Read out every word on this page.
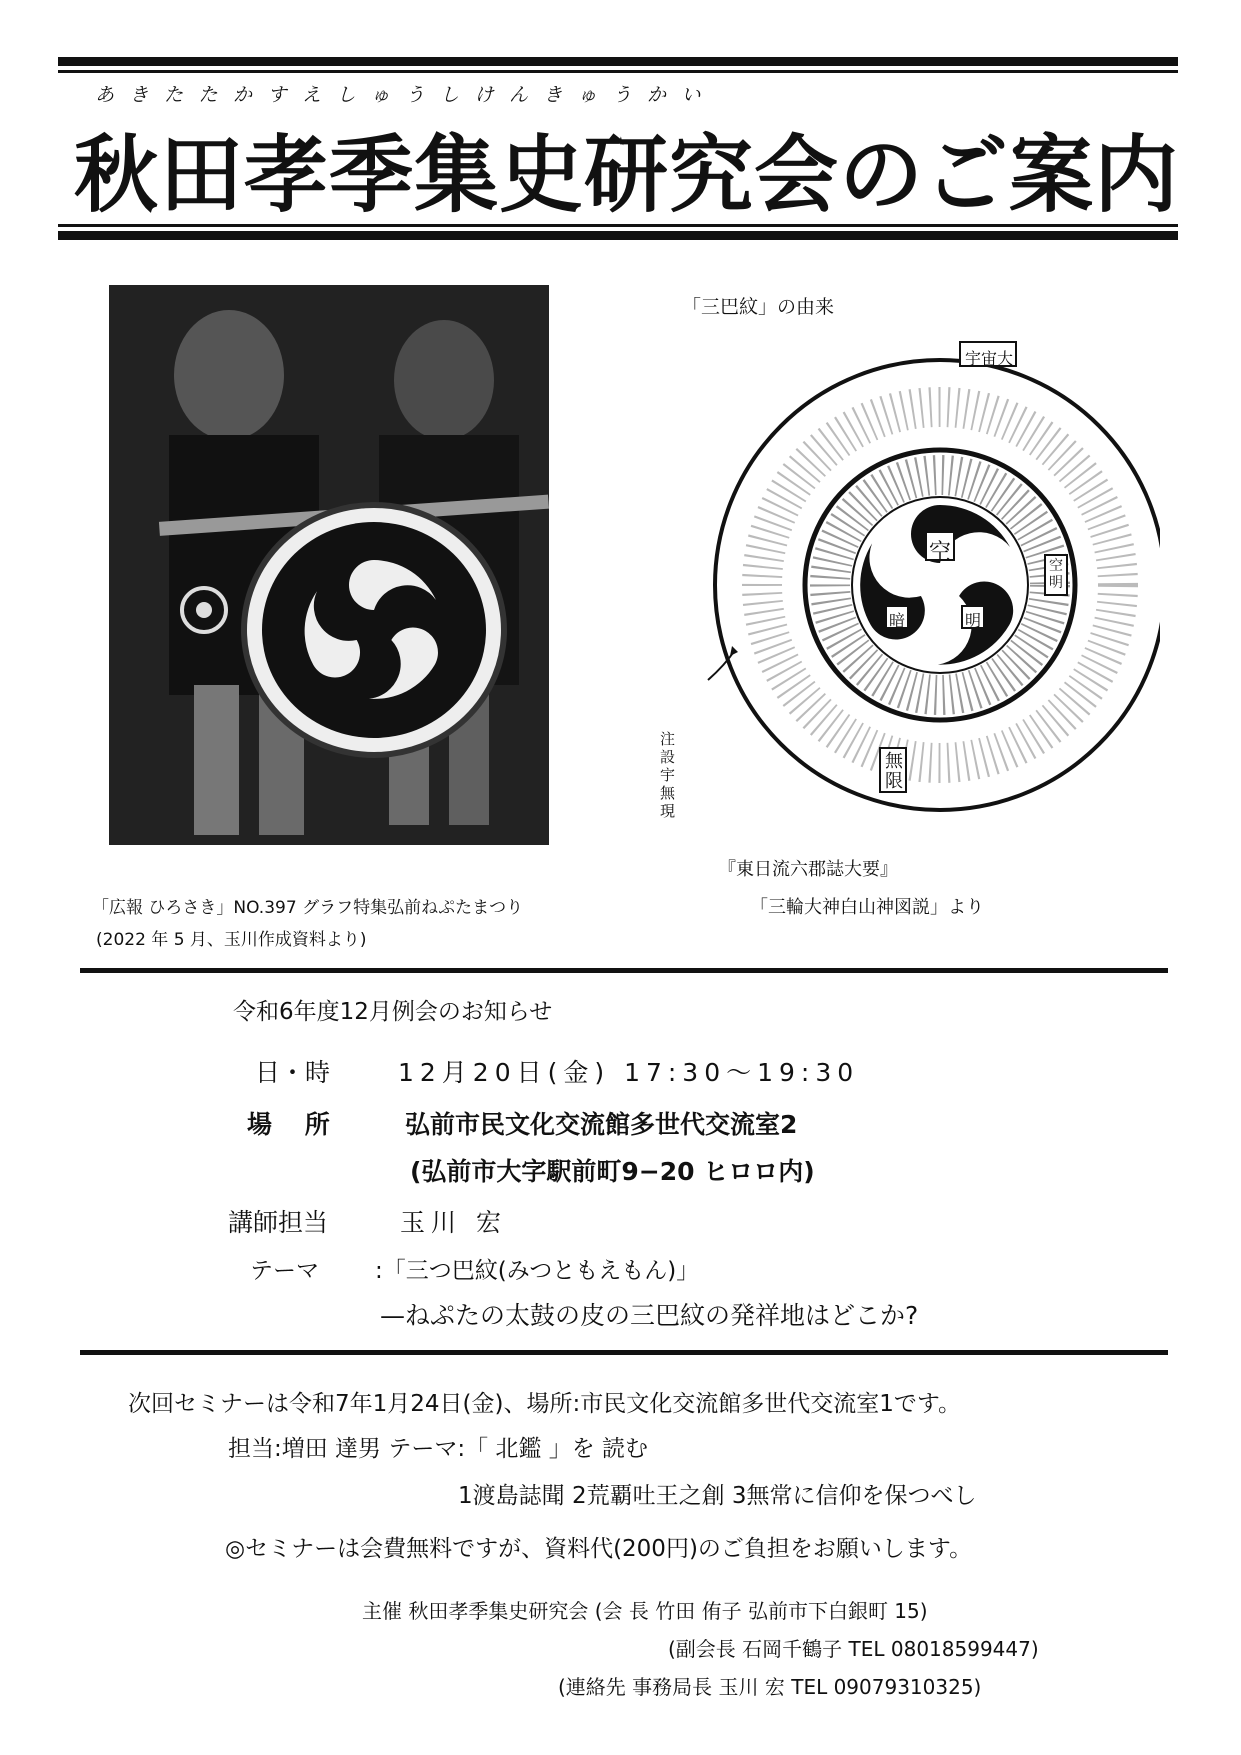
あきたたかすえしゅうしけんきゅうかい
秋田孝季集史研究会のご案内
「広報 ひろさき」NO.397 グラフ特集弘前ねぷたまつり
(2022 年 5 月、玉川作成資料より)
「三巴紋」の由来
空
暗	明
宇宙大
空明
無限
注 設宇無現
『東日流六郡誌大要』
「三輪大神白山神図説」より
令和6年度12月例会のお知らせ
日・時	12月20日(金) 17:30〜19:30
場 所	弘前市民文化交流館多世代交流室2
(弘前市大字駅前町9−20 ヒロロ内)
講師担当	玉川 宏
テーマ :「三つ巴紋(みつともえもん)」
—ねぷたの太鼓の皮の三巴紋の発祥地はどこか?
次回セミナーは令和7年1月24日(金)、場所:市民文化交流館多世代交流室1です。
担当:増田 達男 テーマ:「 北鑑 」を 読む
1渡島誌聞 2荒覇吐王之創 3無常に信仰を保つべし
◎セミナーは会費無料ですが、資料代(200円)のご負担をお願いします。
主催 秋田孝季集史研究会 (会 長 竹田 侑子 弘前市下白銀町 15)
(副会長 石岡千鶴子 TEL 08018599447)
(連絡先 事務局長 玉川 宏 TEL 09079310325)
